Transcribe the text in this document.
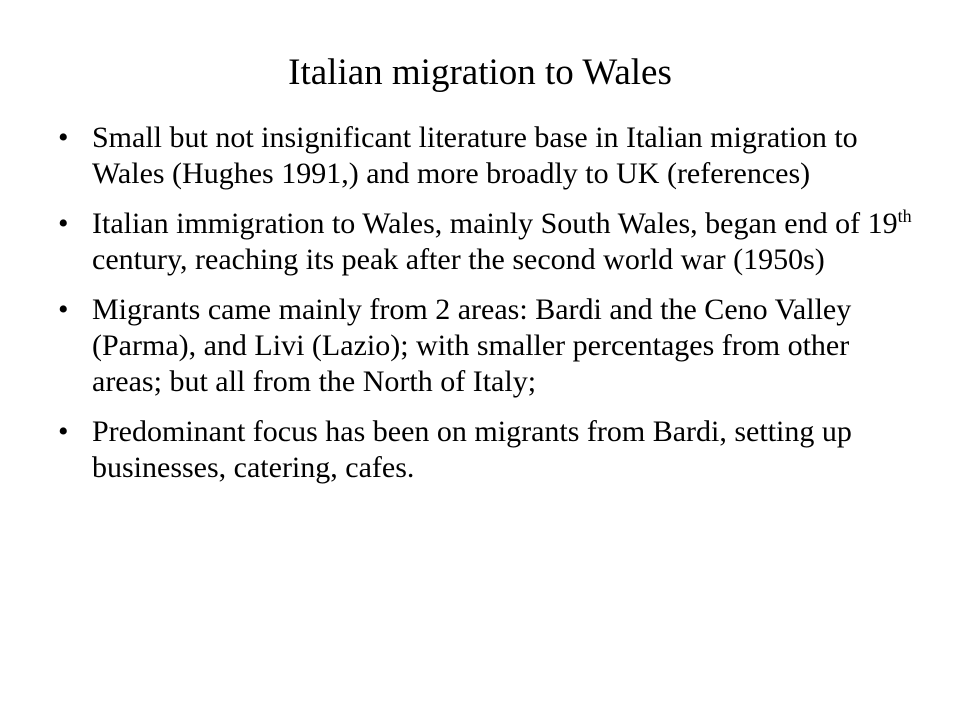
Italian migration to Wales
• Small but not insignificant literature base in Italian migration to Wales (Hughes 1991,) and more broadly to UK (references)
• Italian immigration to Wales, mainly South Wales, began end of 19th century, reaching its peak after the second world war (1950s)
• Migrants came mainly from 2 areas: Bardi and the Ceno Valley (Parma), and Livi (Lazio); with smaller percentages from other areas; but all from the North of Italy;
• Predominant focus has been on migrants from Bardi, setting up businesses, catering, cafes.
